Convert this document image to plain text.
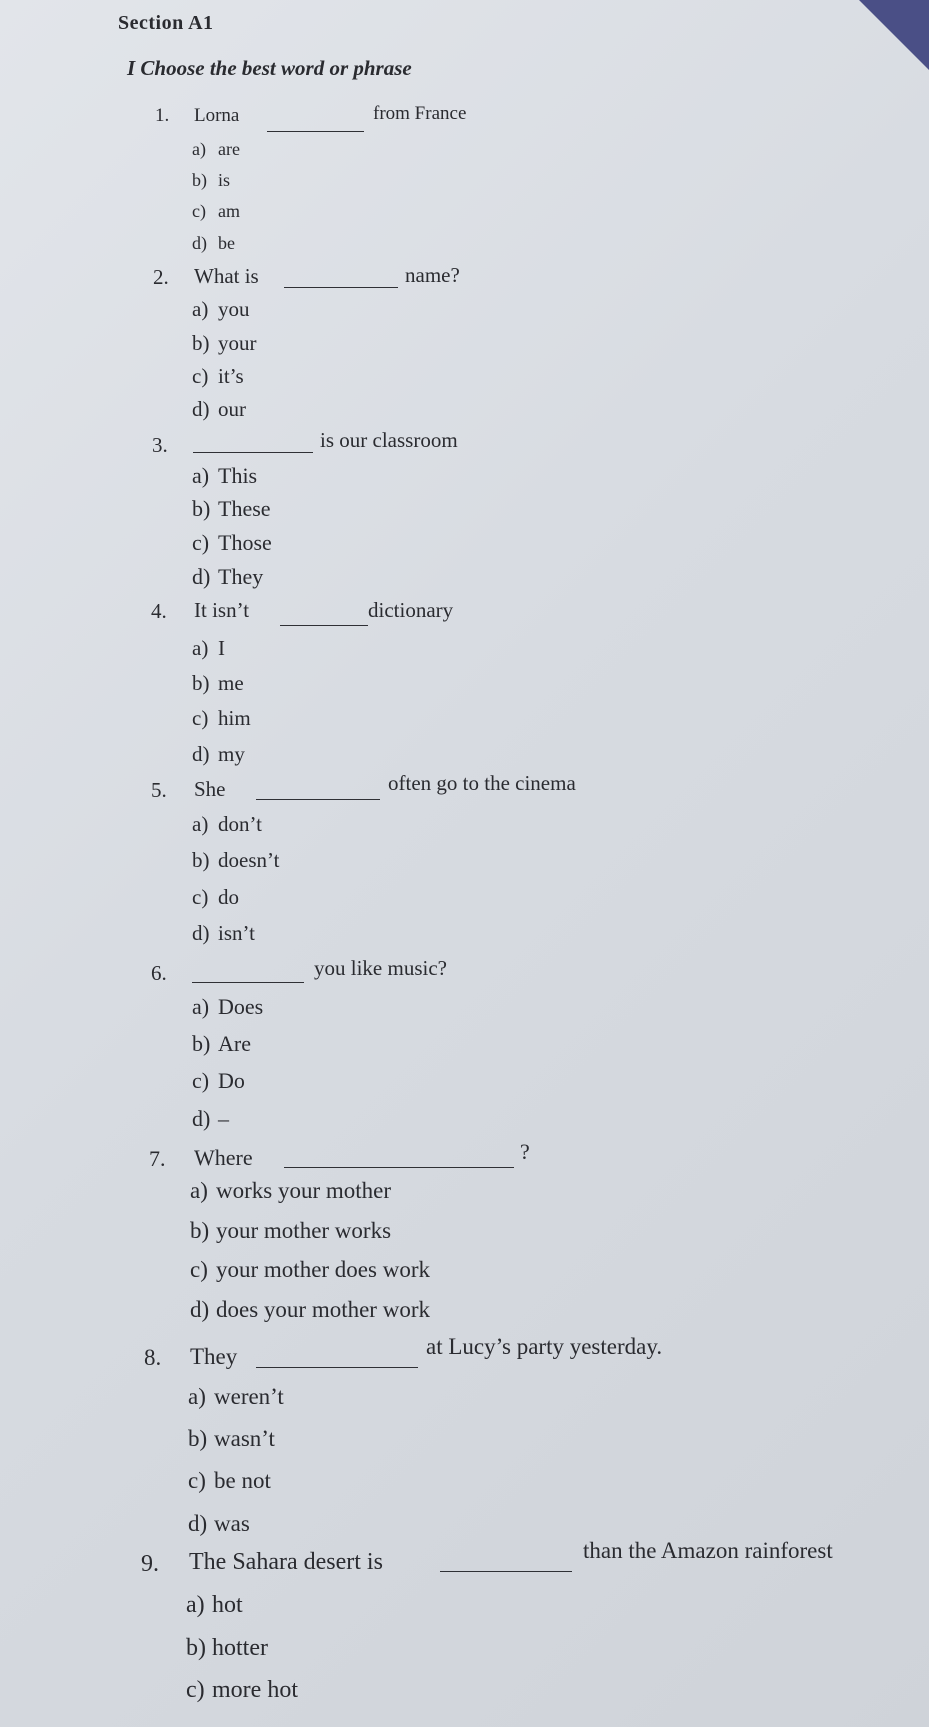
Section A1
I Choose the best word or phrase
1. Lorna	from France
a) are
b) is
c) am
d) be
2. What is	name?
a) you
b) your
c) it’s
d) our
3.	is our classroom
a) This
b) These
c) Those
d) They
4. It isn’t	dictionary
a) I
b) me
c) him
d) my
5. She	often go to the cinema
a) don’t
b) doesn’t
c) do
d) isn’t
6.	you like music?
a) Does
b) Are
c) Do
d) –
7. Where	?
a) works your mother
b) your mother works
c) your mother does work
d) does your mother work
8. They	at Lucy’s party yesterday.
a) weren’t
b) wasn’t
c) be not
d) was
9. The Sahara desert is	than the Amazon rainforest
a) hot
b) hotter
c) more hot
